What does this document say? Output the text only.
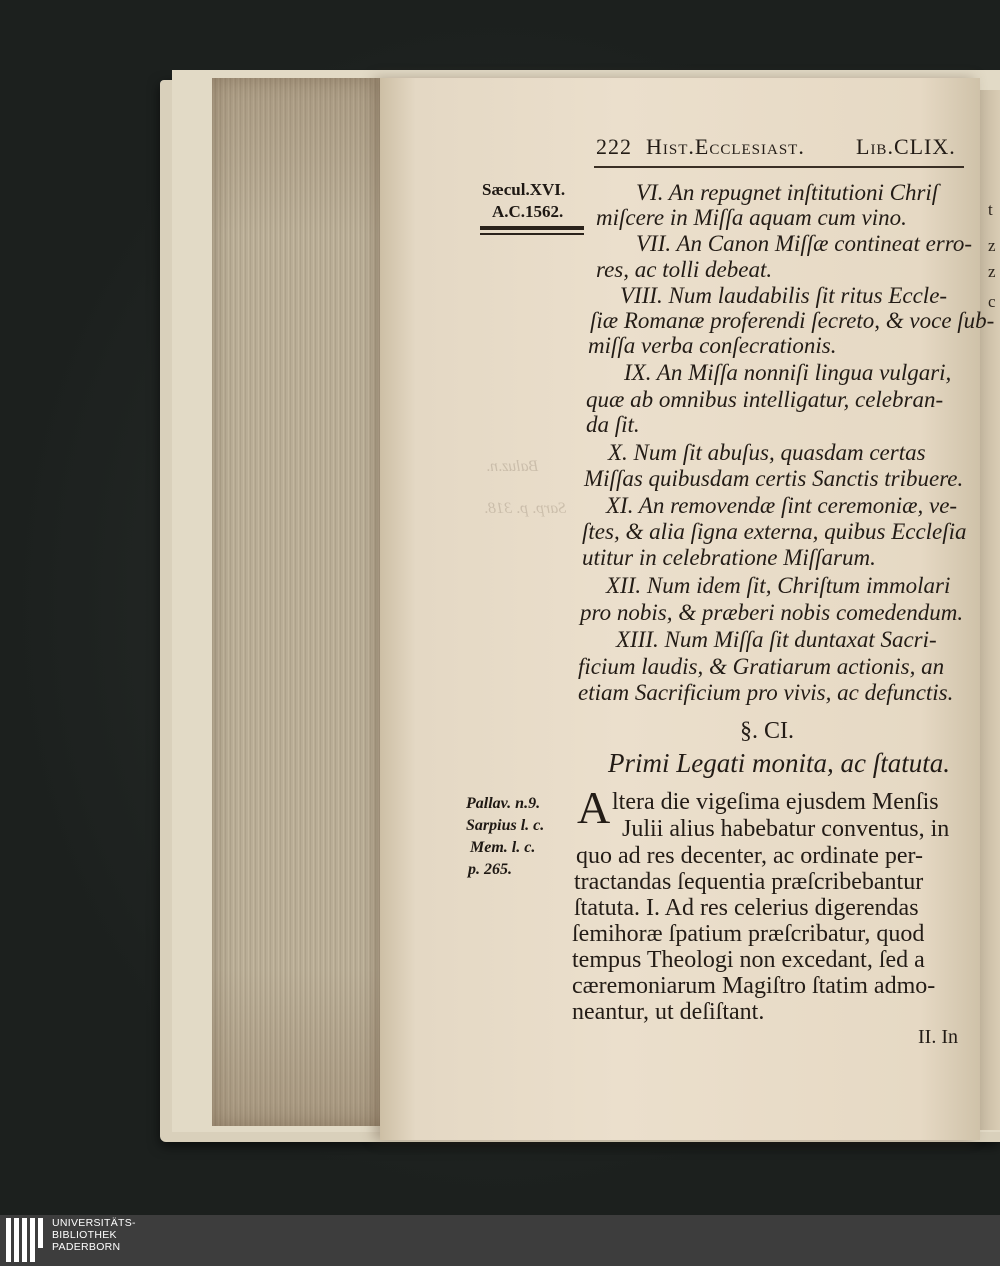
Baluz.n.
Sarp. p. 318.
t
z
z
c
222 Hist.Ecclesiast. Lib.CLIX.
Sæcul.XVI.
A.C.1562.
VI. An repugnet inſtitutioni Chriſ
miſcere in Miſſa aquam cum vino.
VII. An Canon Miſſæ contineat erro-
res, ac tolli debeat.
VIII. Num laudabilis ſit ritus Eccle-
ſiæ Romanæ proferendi ſecreto, & voce ſub-
miſſa verba conſecrationis.
IX. An Miſſa nonniſi lingua vulgari,
quæ ab omnibus intelligatur, celebran-
da ſit.
X. Num ſit abuſus, quasdam certas
Miſſas quibusdam certis Sanctis tribuere.
XI. An removendæ ſint ceremoniæ, ve-
ſtes, & alia ſigna externa, quibus Eccleſia
utitur in celebratione Miſſarum.
XII. Num idem ſit, Chriſtum immolari
pro nobis, & præberi nobis comedendum.
XIII. Num Miſſa ſit duntaxat Sacri-
ficium laudis, & Gratiarum actionis, an
etiam Sacrificium pro vivis, ac defunctis.
§. CI.
Primi Legati monita, ac ſtatuta.
Pallav. n.9.
Sarpius l. c.
Mem. l. c.
p. 265.
A ltera die vigeſima ejusdem Menſis
Julii alius habebatur conventus, in
quo ad res decenter, ac ordinate per-
tractandas ſequentia præſcribebantur
ſtatuta. I. Ad res celerius digerendas
ſemihoræ ſpatium præſcribatur, quod
tempus Theologi non excedant, ſed a
cæremoniarum Magiſtro ſtatim admo-
neantur, ut deſiſtant.
II. In
UNIVERSITÄTS-
BIBLIOTHEK
PADERBORN
